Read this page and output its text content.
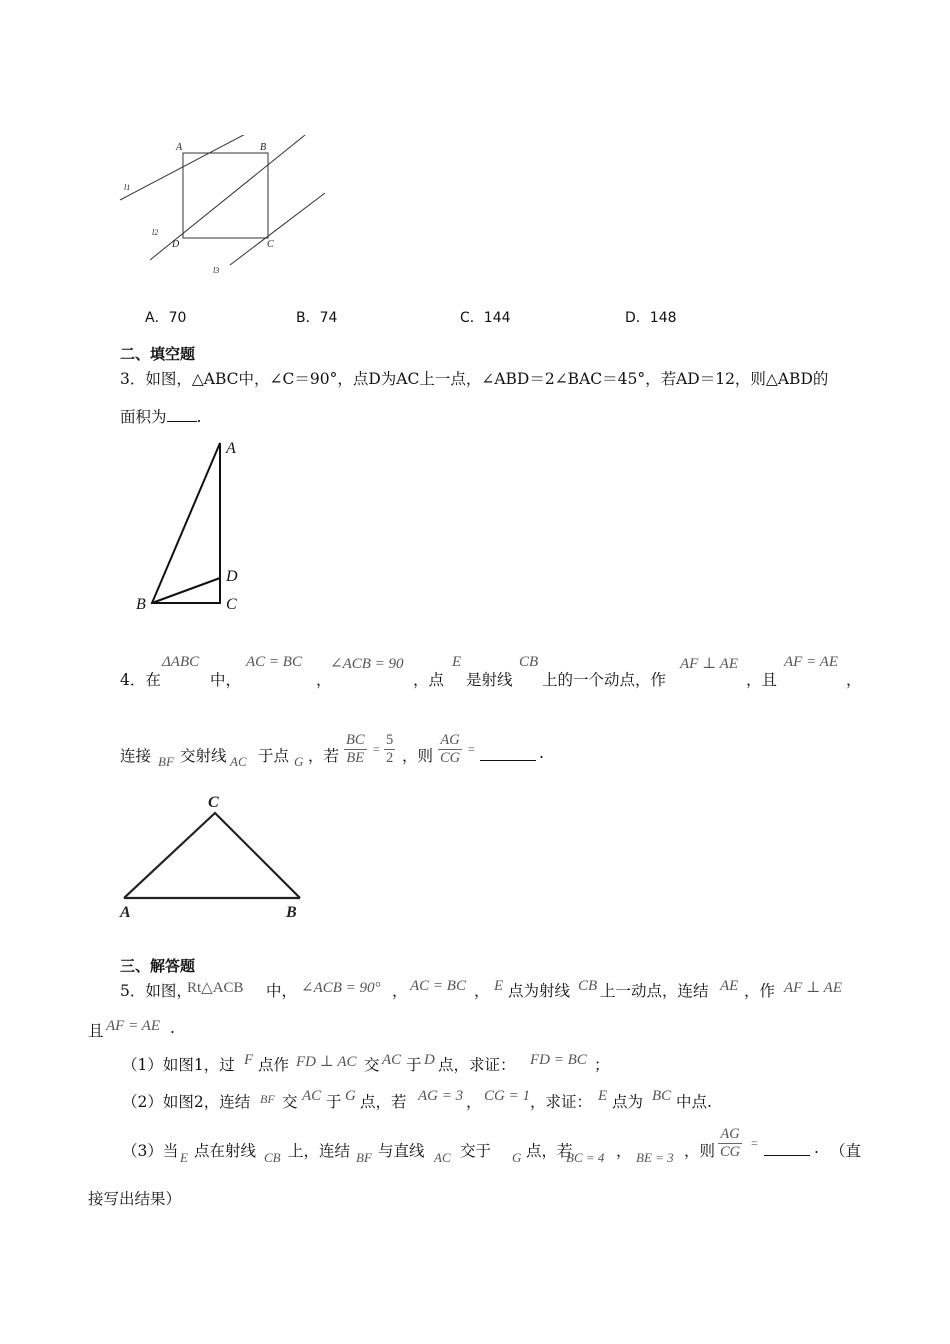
A	B
C
D
l1
l2
l3
A．70	B．74	C．144	D．148
二、填空题
3．如图，△ABC中，∠C＝90°，点D为AC上一点，∠ABD＝2∠BAC＝45°，若AD＝12，则△ABD的
面积为 .
A
B	C
D
4．在
ΔABC
中，
AC = BC
，
∠ACB = 90
，点
E
是射线
CB
上的一个动点，作
AF ⊥ AE
，且
AF = AE
，
连接 BF 交射线 AC 于点 G ，若 $\frac{BC}{BE} = \frac{5}{2}$ ，则 $\frac{AG}{CG}$ =	.
C
A	B
三、解答题
5．如图，
Rt△ACB 中， ∠ACB = 90° ， AC = BC ， E 点为射线 CB 上一动点，连结 AE ，作 AF ⊥ AE
且 AF = AE .
（1）如图1，过 F 点作 FD ⊥ AC 交 AC 于 D 点，求证： FD = BC ；
（2）如图2，连结 BF 交 AC 于 G 点，若 AG = 3 ， CG = 1 ，求证： E 点为 BC 中点.
（3）当 E 点在射线 CB 上，连结 BF 与直线 AC 交于 G 点，若
BC = 4 ， BE = 3 ，则 $\frac{AG}{CG}$ =	. （直
接写出结果）
